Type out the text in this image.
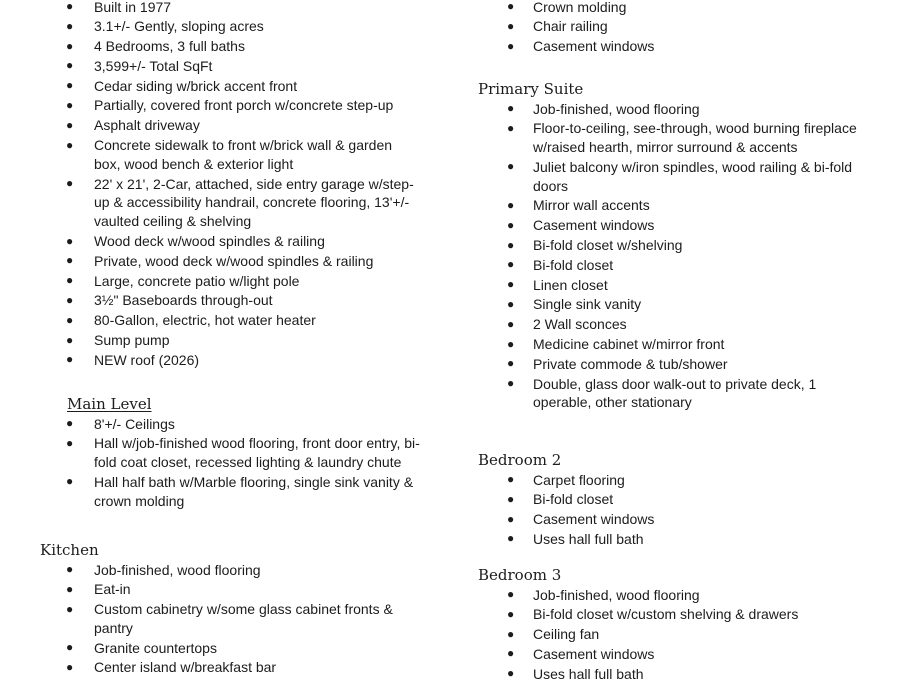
● Built in 1977
● 3.1+/- Gently, sloping acres
● 4 Bedrooms, 3 full baths
● 3,599+/- Total SqFt
● Cedar siding w/brick accent front
● Partially, covered front porch w/concrete step-up
● Asphalt driveway
● Concrete sidewalk to front w/brick wall & garden box, wood bench & exterior light
● 22' x 21', 2-Car, attached, side entry garage w/step-up & accessibility handrail, concrete flooring, 13'+/- vaulted ceiling & shelving
● Wood deck w/wood spindles & railing
● Private, wood deck w/wood spindles & railing
● Large, concrete patio w/light pole
● 3½" Baseboards through-out
● 80-Gallon, electric, hot water heater
● Sump pump
● NEW roof (2026)
Main Level
● 8'+/- Ceilings
● Hall w/job-finished wood flooring, front door entry, bi-fold coat closet, recessed lighting & laundry chute
● Hall half bath w/Marble flooring, single sink vanity & crown molding
Kitchen
● Job-finished, wood flooring
● Eat-in
● Custom cabinetry w/some glass cabinet fronts & pantry
● Granite countertops
● Center island w/breakfast bar
● Crown molding
● Chair railing
● Casement windows
Primary Suite
● Job-finished, wood flooring
● Floor-to-ceiling, see-through, wood burning fireplace w/raised hearth, mirror surround & accents
● Juliet balcony w/iron spindles, wood railing & bi-fold doors
● Mirror wall accents
● Casement windows
● Bi-fold closet w/shelving
● Bi-fold closet
● Linen closet
● Single sink vanity
● 2 Wall sconces
● Medicine cabinet w/mirror front
● Private commode & tub/shower
● Double, glass door walk-out to private deck, 1 operable, other stationary
Bedroom 2
● Carpet flooring
● Bi-fold closet
● Casement windows
● Uses hall full bath
Bedroom 3
● Job-finished, wood flooring
● Bi-fold closet w/custom shelving & drawers
● Ceiling fan
● Casement windows
● Uses hall full bath
